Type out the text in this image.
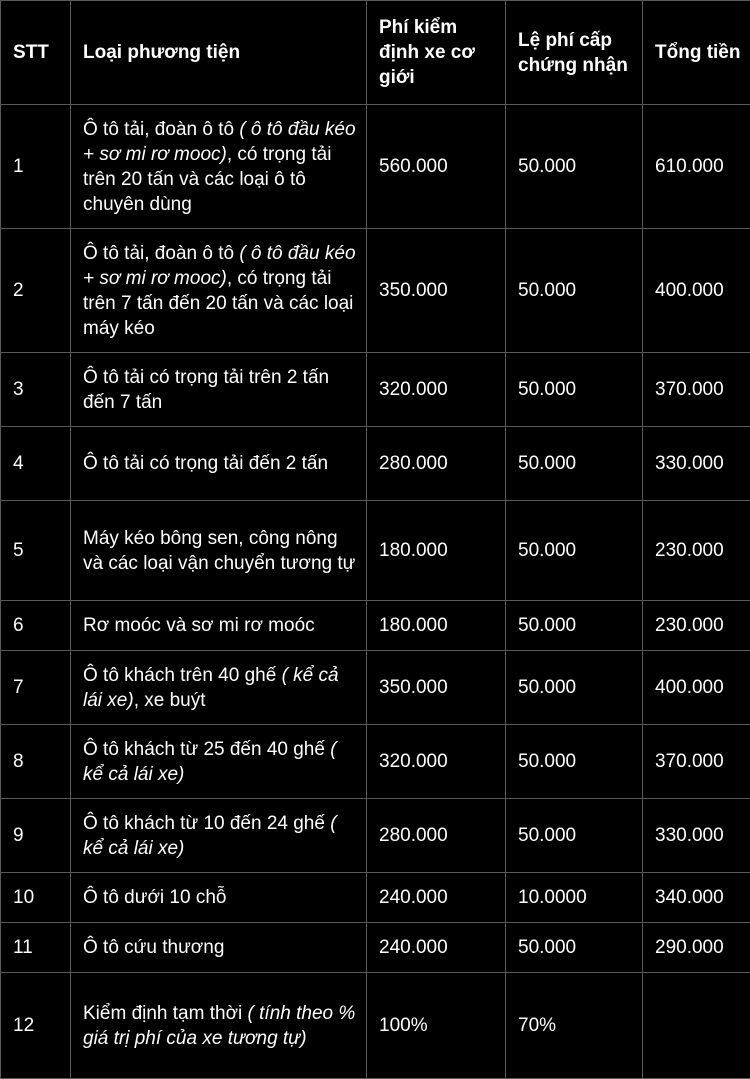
STT	Loại phương tiện	Phí kiểm định xe cơ giới	Lệ phí cấp chứng nhận	Tổng tiền
1	Ô tô tải, đoàn ô tô ( ô tô đầu kéo + sơ mi rơ mooc), có trọng tải trên 20 tấn và các loại ô tô chuyên dùng	560.000	50.000	610.000
2	Ô tô tải, đoàn ô tô ( ô tô đầu kéo + sơ mi rơ mooc), có trọng tải trên 7 tấn đến 20 tấn và các loại máy kéo	350.000	50.000	400.000
3	Ô tô tải có trọng tải trên 2 tấn đến 7 tấn	320.000	50.000	370.000
4	Ô tô tải có trọng tải đến 2 tấn	280.000	50.000	330.000
5	Máy kéo bông sen, công nông và các loại vận chuyển tương tự	180.000	50.000	230.000
6	Rơ moóc và sơ mi rơ moóc	180.000	50.000	230.000
7	Ô tô khách trên 40 ghế ( kể cả lái xe), xe buýt	350.000	50.000	400.000
8	Ô tô khách từ 25 đến 40 ghế ( kể cả lái xe)	320.000	50.000	370.000
9	Ô tô khách từ 10 đến 24 ghế ( kể cả lái xe)	280.000	50.000	330.000
10	Ô tô dưới 10 chỗ	240.000	10.0000	340.000
11	Ô tô cứu thương	240.000	50.000	290.000
12	Kiểm định tạm thời ( tính theo % giá trị phí của xe tương tự)	100%	70%	
